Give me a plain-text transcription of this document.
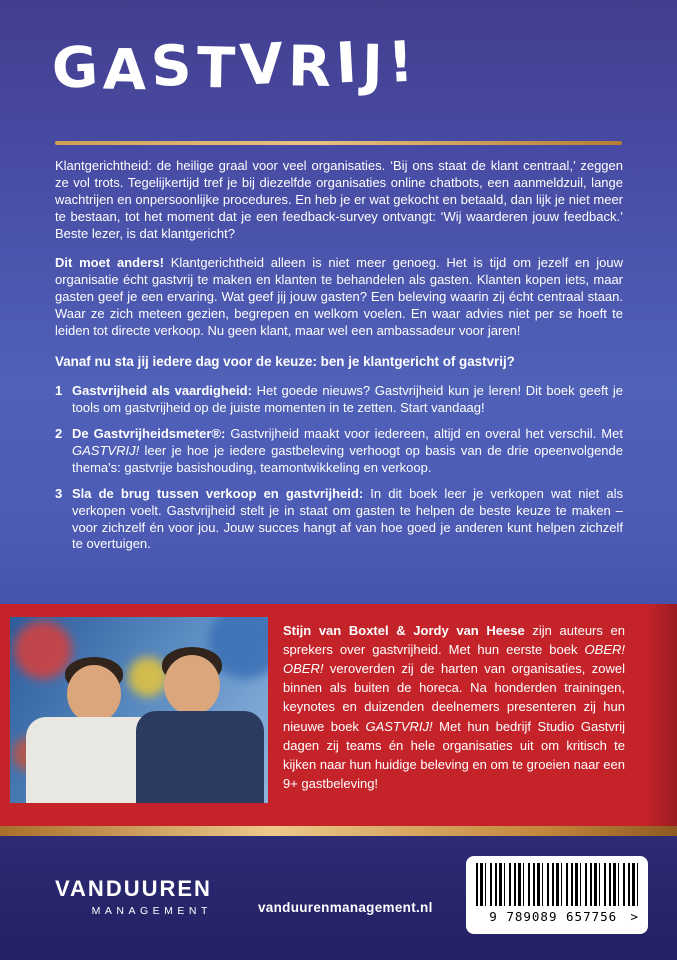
GASTVRIJ!

Klantgerichtheid: de heilige graal voor veel organisaties. ‘Bij ons staat de klant centraal,’ zeggen ze vol trots. Tegelijkertijd tref je bij diezelfde organisaties online chatbots, een aanmeldzuil, lange wachtrijen en onpersoonlijke procedures. En heb je er wat gekocht en betaald, dan lijk je niet meer te bestaan, tot het moment dat je een feedback-survey ontvangt: ‘Wij waarderen jouw feedback.’ Beste lezer, is dat klantgericht?

Dit moet anders! Klantgerichtheid alleen is niet meer genoeg. Het is tijd om jezelf en jouw organisatie écht gastvrij te maken en klanten te behandelen als gasten. Klanten kopen iets, maar gasten geef je een ervaring. Wat geef jij jouw gasten? Een beleving waarin zij écht centraal staan. Waar ze zich meteen gezien, begrepen en welkom voelen. En waar advies niet per se hoeft te leiden tot directe verkoop. Nu geen klant, maar wel een ambassadeur voor jaren!

Vanaf nu sta jij iedere dag voor de keuze: ben je klantgericht of gastvrij?

1 Gastvrijheid als vaardigheid: Het goede nieuws? Gastvrijheid kun je leren! Dit boek geeft je tools om gastvrijheid op de juiste momenten in te zetten. Start vandaag!
2 De Gastvrijheidsmeter®: Gastvrijheid maakt voor iedereen, altijd en overal het verschil. Met GASTVRIJ! leer je hoe je iedere gastbeleving verhoogt op basis van de drie opeenvolgende thema's: gastvrije basishouding, teamontwikkeling en verkoop.
3 Sla de brug tussen verkoop en gastvrijheid: In dit boek leer je verkopen wat niet als verkopen voelt. Gastvrijheid stelt je in staat om gasten te helpen de beste keuze te maken – voor zichzelf én voor jou. Jouw succes hangt af van hoe goed je anderen kunt helpen zichzelf te overtuigen.

Stijn van Boxtel & Jordy van Heese zijn auteurs en sprekers over gastvrijheid. Met hun eerste boek OBER! OBER! veroverden zij de harten van organisaties, zowel binnen als buiten de horeca. Na honderden trainingen, keynotes en duizenden deelnemers presenteren zij hun nieuwe boek GASTVRIJ! Met hun bedrijf Studio Gastvrij dagen zij teams én hele organisaties uit om kritisch te kijken naar hun huidige beleving en om te groeien naar een 9+ gastbeleving!

VANDUUREN
MANAGEMENT	vanduurenmanagement.nl
9 789089 657756	>
